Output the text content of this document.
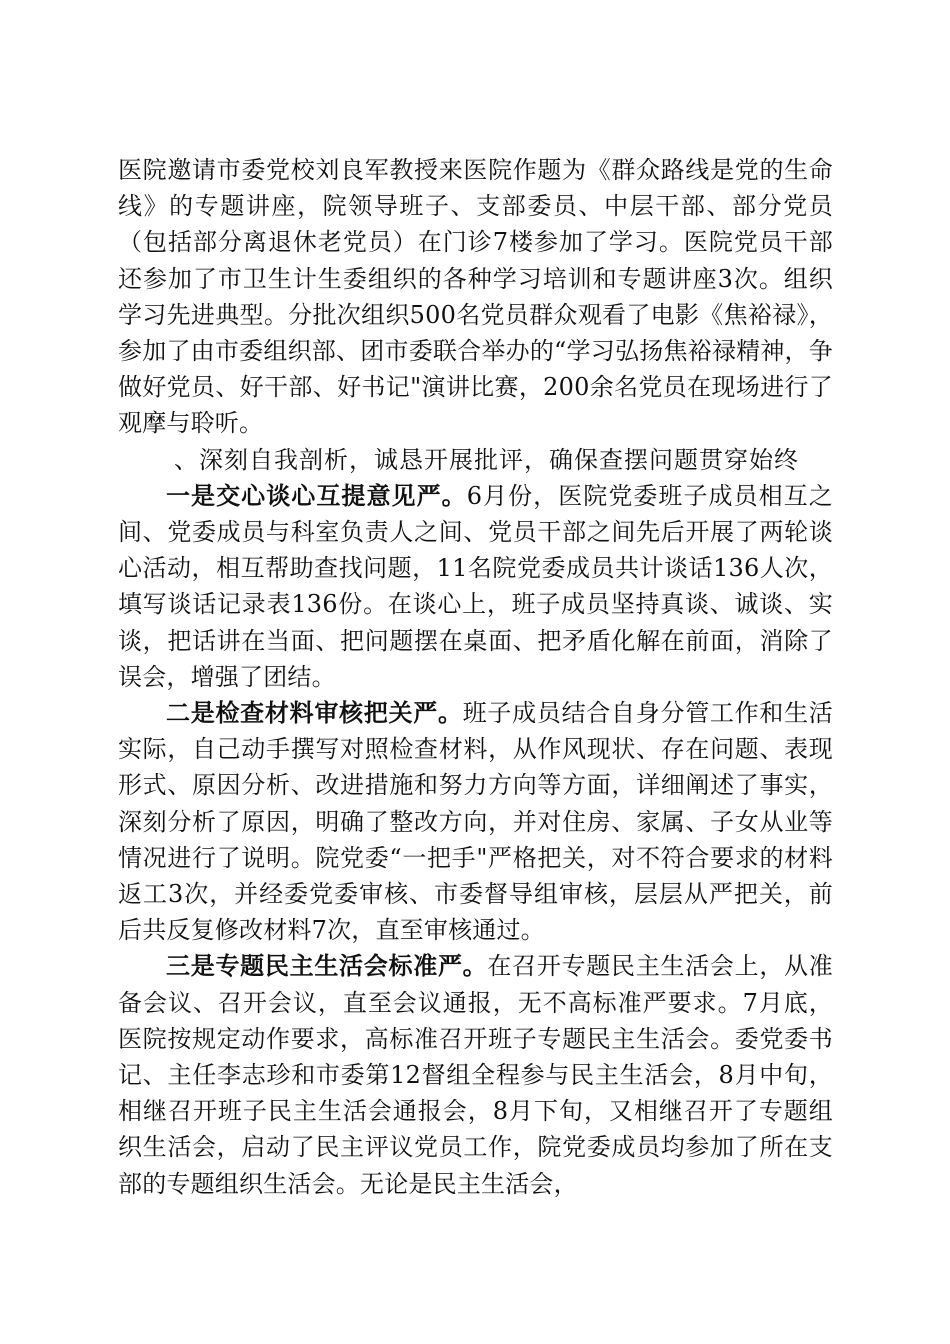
医院邀请市委党校刘良军教授来医院作题为《群众路线是党的生命线》的专题讲座，院领导班子、支部委员、中层干部、部分党员（包括部分离退休老党员）在门诊7楼参加了学习。医院党员干部还参加了市卫生计生委组织的各种学习培训和专题讲座3次。组织学习先进典型。分批次组织500名党员群众观看了电影《焦裕禄》，参加了由市委组织部、团市委联合举办的“学习弘扬焦裕禄精神，争做好党员、好干部、好书记"演讲比赛，200余名党员在现场进行了观摩与聆听。

、深刻自我剖析，诚恳开展批评，确保查摆问题贯穿始终

一是交心谈心互提意见严。6月份，医院党委班子成员相互之间、党委成员与科室负责人之间、党员干部之间先后开展了两轮谈心活动，相互帮助查找问题，11名院党委成员共计谈话136人次，填写谈话记录表136份。在谈心上，班子成员坚持真谈、诚谈、实谈，把话讲在当面、把问题摆在桌面、把矛盾化解在前面，消除了误会，增强了团结。

二是检查材料审核把关严。班子成员结合自身分管工作和生活实际，自己动手撰写对照检查材料，从作风现状、存在问题、表现形式、原因分析、改进措施和努力方向等方面，详细阐述了事实，深刻分析了原因，明确了整改方向，并对住房、家属、子女从业等情况进行了说明。院党委“一把手"严格把关，对不符合要求的材料返工3次，并经委党委审核、市委督导组审核，层层从严把关，前后共反复修改材料7次，直至审核通过。

三是专题民主生活会标准严。在召开专题民主生活会上，从准备会议、召开会议，直至会议通报，无不高标准严要求。7月底，医院按规定动作要求，高标准召开班子专题民主生活会。委党委书记、主任李志珍和市委第12督组全程参与民主生活会，8月中旬，相继召开班子民主生活会通报会，8月下旬，又相继召开了专题组织生活会，启动了民主评议党员工作，院党委成员均参加了所在支部的专题组织生活会。无论是民主生活会，
